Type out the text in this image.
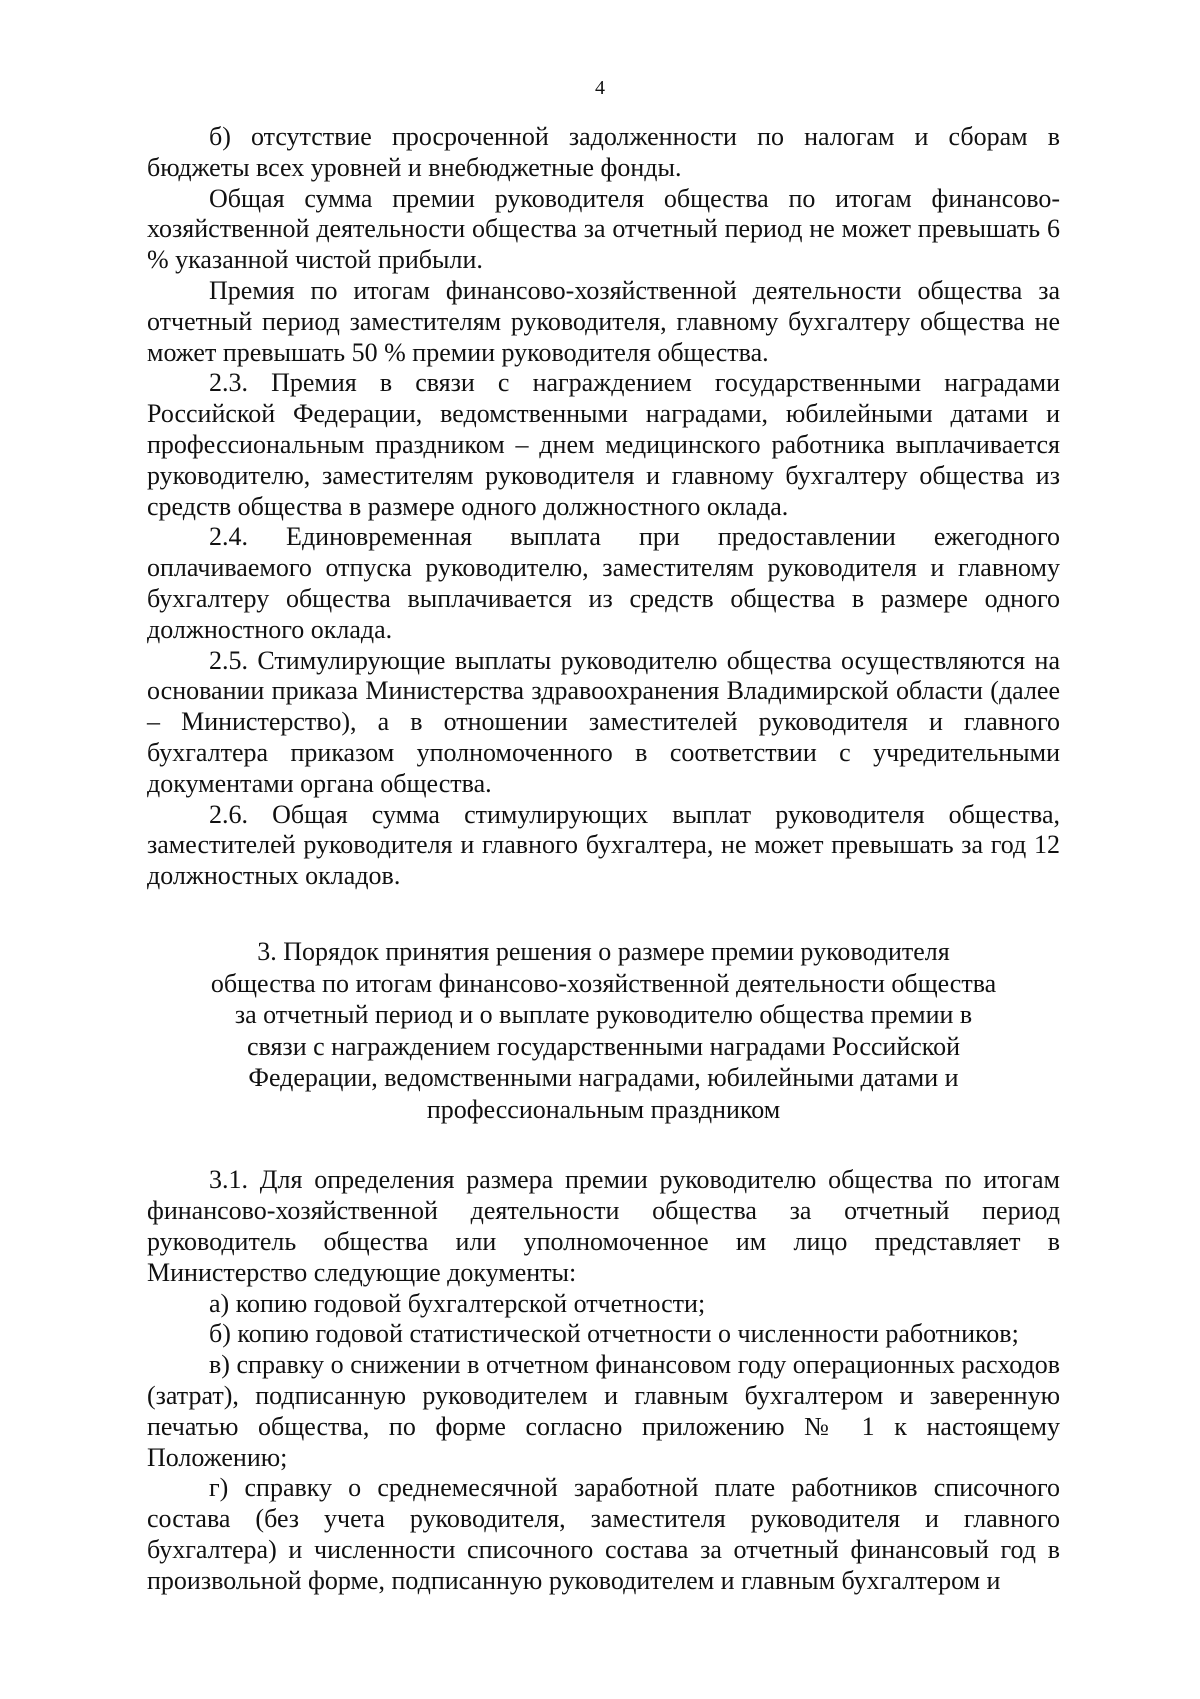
4

б) отсутствие просроченной задолженности по налогам и сборам в бюджеты всех уровней и внебюджетные фонды.

Общая сумма премии руководителя общества по итогам финансово-хозяйственной деятельности общества за отчетный период не может превышать 6 % указанной чистой прибыли.

Премия по итогам финансово-хозяйственной деятельности общества за отчетный период заместителям руководителя, главному бухгалтеру общества не может превышать 50 % премии руководителя общества.

2.3. Премия в связи с награждением государственными наградами Российской Федерации, ведомственными наградами, юбилейными датами и профессиональным праздником – днем медицинского работника выплачивается руководителю, заместителям руководителя и главному бухгалтеру общества из средств общества в размере одного должностного оклада.

2.4. Единовременная выплата при предоставлении ежегодного оплачиваемого отпуска руководителю, заместителям руководителя и главному бухгалтеру общества выплачивается из средств общества в размере одного должностного оклада.

2.5. Стимулирующие выплаты руководителю общества осуществляются на основании приказа Министерства здравоохранения Владимирской области (далее – Министерство), а в отношении заместителей руководителя и главного бухгалтера приказом уполномоченного в соответствии с учредительными документами органа общества.

2.6. Общая сумма стимулирующих выплат руководителя общества, заместителей руководителя и главного бухгалтера, не может превышать за год 12 должностных окладов.

3. Порядок принятия решения о размере премии руководителя общества по итогам финансово-хозяйственной деятельности общества за отчетный период и о выплате руководителю общества премии в связи с награждением государственными наградами Российской Федерации, ведомственными наградами, юбилейными датами и профессиональным праздником

3.1. Для определения размера премии руководителю общества по итогам финансово-хозяйственной деятельности общества за отчетный период руководитель общества или уполномоченное им лицо представляет в Министерство следующие документы:

а) копию годовой бухгалтерской отчетности;

б) копию годовой статистической отчетности о численности работников;

в) справку о снижении в отчетном финансовом году операционных расходов (затрат), подписанную руководителем и главным бухгалтером и заверенную печатью общества, по форме согласно приложению № 1 к настоящему Положению;

г) справку о среднемесячной заработной плате работников списочного состава (без учета руководителя, заместителя руководителя и главного бухгалтера) и численности списочного состава за отчетный финансовый год в произвольной форме, подписанную руководителем и главным бухгалтером и
